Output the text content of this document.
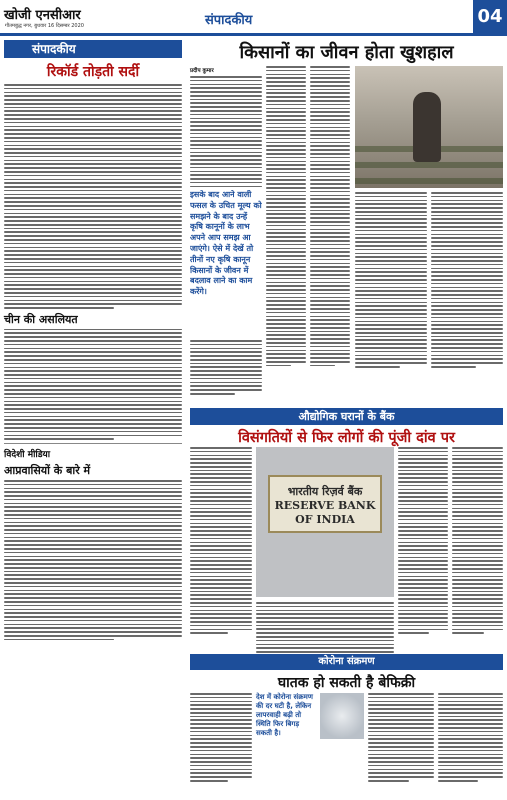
खोजी एनसीआर
गौतमबुद्ध नगर, बुधवार 16 दिसम्बर 2020	संपादकीय	04
संपादकीय
रिकॉर्ड तोड़ती सर्दी
चीन की असलियत
विदेशी मीडिया
आप्रवासियों के बारे में
किसानों का जीवन होता खुशहाल
प्रदीप कुमार
इसके बाद आने वाली फसल के उचित मूल्य को समझने के बाद उन्हें कृषि कानूनों के लाभ अपने आप समझ आ जाएंगे। ऐसे में देखें तो तीनों नए कृषि कानून किसानों के जीवन में बदलाव लाने का काम करेंगे।
औद्योगिक घरानों के बैंक
विसंगतियों से फिर लोगों की पूंजी दांव पर
भारतीय रिज़र्व बैंक RESERVE BANK OF INDIA
कोरोना संक्रमण
घातक हो सकती है बेफिक्री
देश में कोरोना संक्रमण की दर घटी है, लेकिन लापरवाही बढ़ी तो स्थिति फिर बिगड़ सकती है।
